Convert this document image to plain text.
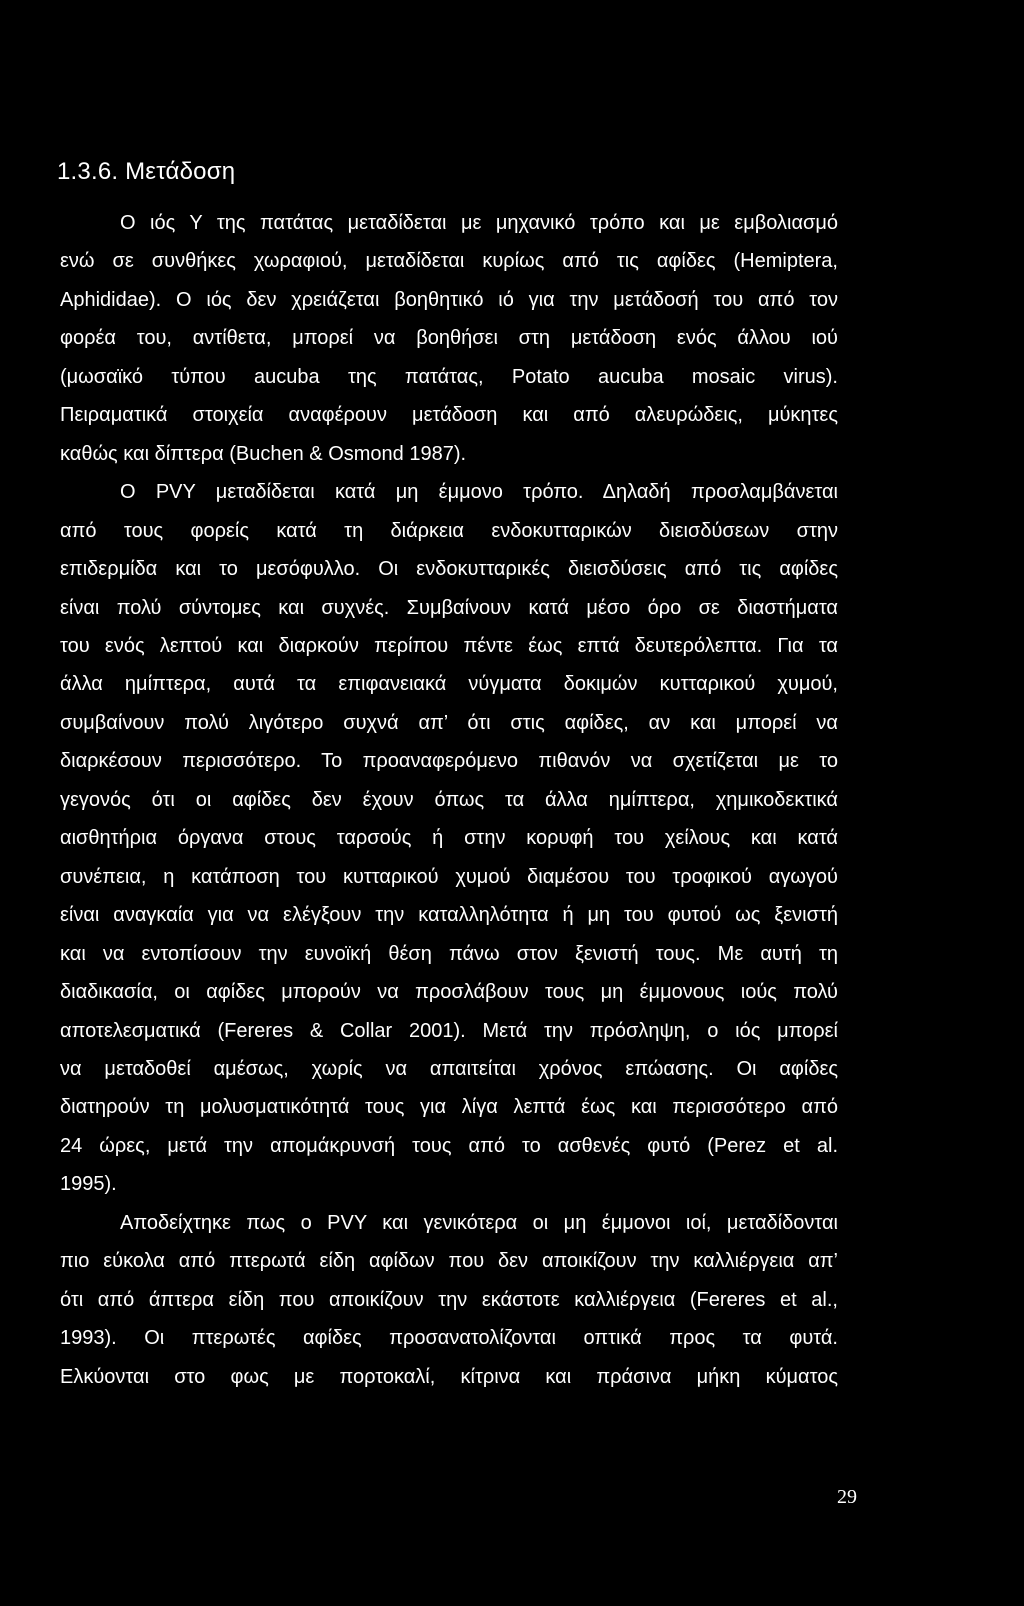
1.3.6. Μετάδοση
Ο ιός Υ της πατάτας μεταδίδεται με μηχανικό τρόπο και με εμβολιασμό
ενώ σε συνθήκες χωραφιού, μεταδίδεται κυρίως από τις αφίδες (Hemiptera,
Aphididae). Ο ιός δεν χρειάζεται βοηθητικό ιό για την μετάδοσή του από τον
φορέα του, αντίθετα, μπορεί να βοηθήσει στη μετάδοση ενός άλλου ιού
(μωσαϊκό τύπου aucuba της πατάτας, Potato aucuba mosaic virus).
Πειραματικά στοιχεία αναφέρουν μετάδοση και από αλευρώδεις, μύκητες
καθώς και δίπτερα (Buchen & Osmond 1987).
Ο PVY μεταδίδεται κατά μη έμμονο τρόπο. Δηλαδή προσλαμβάνεται
από τους φορείς κατά τη διάρκεια ενδοκυτταρικών διεισδύσεων στην
επιδερμίδα και το μεσόφυλλο. Οι ενδοκυτταρικές διεισδύσεις από τις αφίδες
είναι πολύ σύντομες και συχνές. Συμβαίνουν κατά μέσο όρο σε διαστήματα
του ενός λεπτού και διαρκούν περίπου πέντε έως επτά δευτερόλεπτα. Για τα
άλλα ημίπτερα, αυτά τα επιφανειακά νύγματα δοκιμών κυτταρικού χυμού,
συμβαίνουν πολύ λιγότερο συχνά απ’ ότι στις αφίδες, αν και μπορεί να
διαρκέσουν περισσότερο. Το προαναφερόμενο πιθανόν να σχετίζεται με το
γεγονός ότι οι αφίδες δεν έχουν όπως τα άλλα ημίπτερα, χημικοδεκτικά
αισθητήρια όργανα στους ταρσούς ή στην κορυφή του χείλους και κατά
συνέπεια, η κατάποση του κυτταρικού χυμού διαμέσου του τροφικού αγωγού
είναι αναγκαία για να ελέγξουν την καταλληλότητα ή μη του φυτού ως ξενιστή
και να εντοπίσουν την ευνοϊκή θέση πάνω στον ξενιστή τους. Με αυτή τη
διαδικασία, οι αφίδες μπορούν να προσλάβουν τους μη έμμονους ιούς πολύ
αποτελεσματικά (Fereres & Collar 2001). Μετά την πρόσληψη, ο ιός μπορεί
να μεταδοθεί αμέσως, χωρίς να απαιτείται χρόνος επώασης. Οι αφίδες
διατηρούν τη μολυσματικότητά τους για λίγα λεπτά έως και περισσότερο από
24 ώρες, μετά την απομάκρυνσή τους από το ασθενές φυτό (Perez et al.
1995).
Αποδείχτηκε πως ο PVY και γενικότερα οι μη έμμονοι ιοί, μεταδίδονται
πιο εύκολα από πτερωτά είδη αφίδων που δεν αποικίζουν την καλλιέργεια απ’
ότι από άπτερα είδη που αποικίζουν την εκάστοτε καλλιέργεια (Fereres et al.,
1993). Οι πτερωτές αφίδες προσανατολίζονται οπτικά προς τα φυτά.
Ελκύονται στο φως με πορτοκαλί, κίτρινα και πράσινα μήκη κύματος
29
